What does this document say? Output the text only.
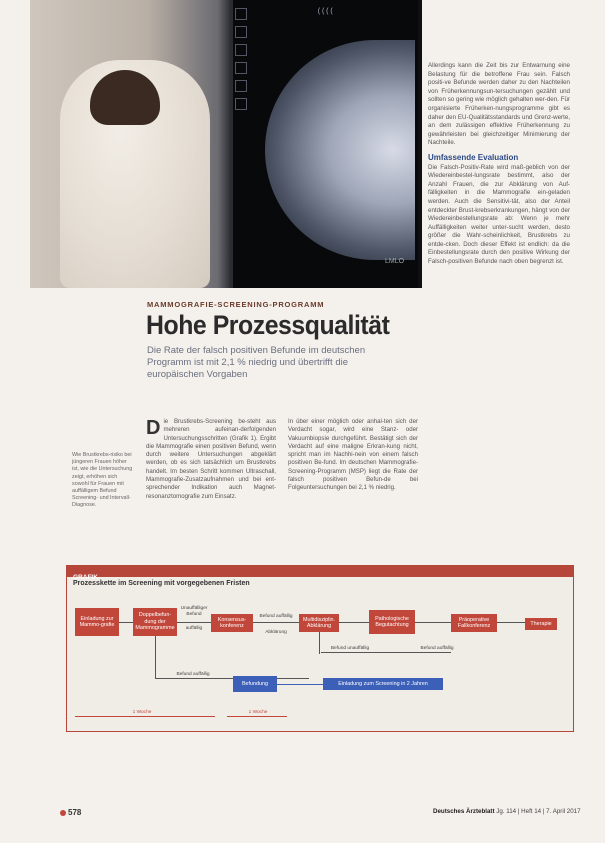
((((
LMLO

Allerdings kann die Zeit bis zur Entwarnung eine Belastung für die betroffene Frau sein. Falsch positi-ve Befunde werden daher zu den Nachteilen von Früherkennungsun-tersuchungen gezählt und sollten so gering wie möglich gehalten wer-den. Für organisierte Früherken-nungsprogramme gibt es daher den EU-Qualitätsstandards und Grenz-werte, an dem zulässigen effektive Früherkennung zu gewährleisten bei gleichzeitiger Minimierung der Nachteile.

Umfassende Evaluation

Die Falsch-Positiv-Rate wird maß-geblich von der Wiedereinbestel-lungsrate bestimmt, also der Anzahl Frauen, die zur Abklärung von Auf-fälligkeiten in die Mammografie ein-geladen werden. Auch die Sensitivi-tät, also der Anteil entdeckter Brust-krebserkrankungen, hängt von der Wiedereinbestellungsrate ab: Wenn je mehr Auffälligkeiten weiter unter-sucht werden, desto größer die Wahr-scheinlichkeit, Brustkrebs zu entde-cken. Doch dieser Effekt ist endlich: da die Einbestellungsrate durch den positive Wirkung der Falsch-positiven Befunde nach oben begrenzt ist.

MAMMOGRAFIE-SCREENING-PROGRAMM
Hohe Prozessqualität
Die Rate der falsch positiven Befunde im deutschen Programm ist mit 2,1 % niedrig und übertrifft die europäischen Vorgaben
Wie Brustkrebs-risiko bei jüngeren Frauen höher ist, wie die Untersuchung zeigt, erhöhen sich sowohl für Frauen mit auffälligem Befund Screening- und Intervall-Diagnose.
Die Brustkrebs-Screening be-steht aus mehreren aufeinan-derfolgenden Untersuchungsschritten (Grafik 1). Ergibt die Mammografie einen positiven Befund, wenn durch weitere Untersuchungen abgeklärt werden, ob es sich tatsächlich um Brustkrebs handelt. Im besten Schritt kommen Ultraschall, Mammografie-Zusatzaufnahmen und bei ent-sprechender Indikation auch Magnet-resonanztomografie zum Einsatz.
In über einer möglich oder anhal-ten sich der Verdacht sogar, wird eine Stanz- oder Vakuumbiopsie durchgeführt. Bestätigt sich der Verdacht auf eine maligne Erkran-kung nicht, spricht man im Nachhi-nein von einem falsch positiven Be-fund. Im deutschen Mammografie-Screening-Programm (MSP) liegt die Rate der falsch positiven Befun-de bei Folgeuntersuchungen bei 2,1 % niedrig.
GRAFIK
Prozesskette im Screening mit vorgegebenen Fristen
Einladung zur Mammo-grafie
Doppelbefun-dung der Mammogramme
Konsensus-konferenz
Multidisziplin. Abklärung
Pathologische Begutachtung
Präoperative Fallkonferenz	Therapie
Unauffälliger Befund
auffällig
Befund auffällig
Abklärung
Befund unauffällig	Befund auffällig
Befund auffällig
Befundung	Einladung zum Screening in 2 Jahren
1 Woche	1 Woche
578	Deutsches Ärzteblatt Jg. 114 | Heft 14 | 7. April 2017
